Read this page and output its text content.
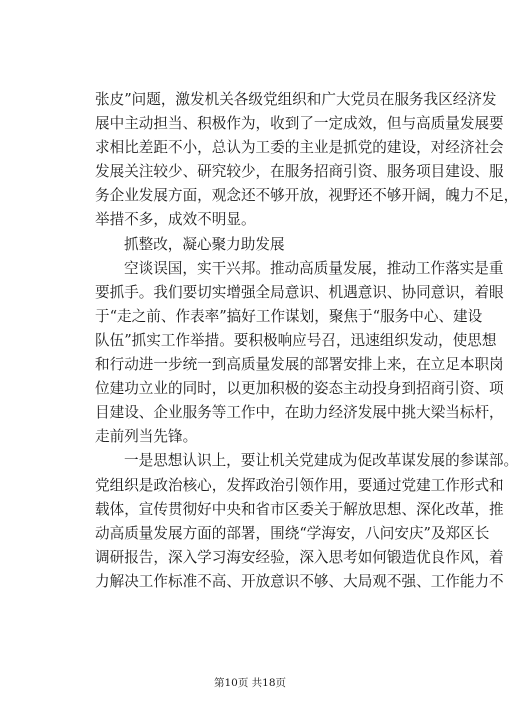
张皮”问题，激发机关各级党组织和广大党员在服务我区经济发
展中主动担当、积极作为，收到了一定成效，但与高质量发展要
求相比差距不小，总认为工委的主业是抓党的建设，对经济社会
发展关注较少、研究较少，在服务招商引资、服务项目建设、服
务企业发展方面，观念还不够开放，视野还不够开阔，魄力不足，
举措不多，成效不明显。
抓整改，凝心聚力助发展
空谈误国，实干兴邦。推动高质量发展，推动工作落实是重
要抓手。我们要切实增强全局意识、机遇意识、协同意识，着眼
于“走之前、作表率”搞好工作谋划，聚焦于“服务中心、建设
队伍”抓实工作举措。要积极响应号召，迅速组织发动，使思想
和行动进一步统一到高质量发展的部署安排上来，在立足本职岗
位建功立业的同时，以更加积极的姿态主动投身到招商引资、项
目建设、企业服务等工作中，在助力经济发展中挑大梁当标杆，
走前列当先锋。
一是思想认识上，要让机关党建成为促改革谋发展的参谋部。
党组织是政治核心，发挥政治引领作用，要通过党建工作形式和
载体，宣传贯彻好中央和省市区委关于解放思想、深化改革，推
动高质量发展方面的部署，围绕“学海安，八问安庆”及郑区长
调研报告，深入学习海安经验，深入思考如何锻造优良作风，着
力解决工作标准不高、开放意识不够、大局观不强、工作能力不
第10页 共18页
